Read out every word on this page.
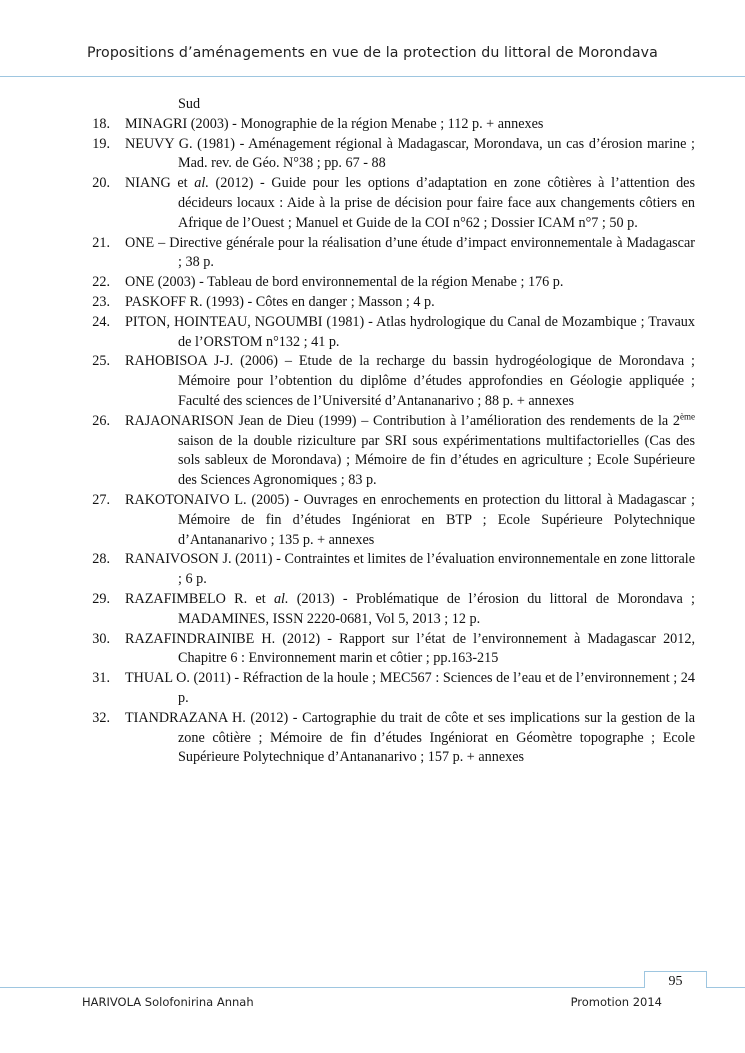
Propositions d’aménagements en vue de la protection du littoral de Morondava

Sud

18. MINAGRI (2003) - Monographie de la région Menabe ; 112 p. + annexes

19. NEUVY G. (1981) - Aménagement régional à Madagascar, Morondava, un cas d’érosion marine ; Mad. rev. de Géo. N°38 ; pp. 67 - 88

20. NIANG et al. (2012) - Guide pour les options d’adaptation en zone côtières à l’attention des décideurs locaux : Aide à la prise de décision pour faire face aux changements côtiers en Afrique de l’Ouest ; Manuel et Guide de la COI n°62 ; Dossier ICAM n°7 ; 50 p.

21. ONE – Directive générale pour la réalisation d’une étude d’impact environnementale à Madagascar ; 38 p.

22. ONE (2003) - Tableau de bord environnemental de la région Menabe ; 176 p.

23. PASKOFF R. (1993) - Côtes en danger ; Masson ; 4 p.

24. PITON, HOINTEAU, NGOUMBI (1981) - Atlas hydrologique du Canal de Mozambique ; Travaux de l’ORSTOM n°132 ; 41 p.

25. RAHOBISOA J-J. (2006) – Etude de la recharge du bassin hydrogéologique de Morondava ; Mémoire pour l’obtention du diplôme d’études approfondies en Géologie appliquée ; Faculté des sciences de l’Université d’Antananarivo ; 88 p. + annexes

26. RAJAONARISON Jean de Dieu (1999) – Contribution à l’amélioration des rendements de la 2ème saison de la double riziculture par SRI sous expérimentations multifactorielles (Cas des sols sableux de Morondava) ; Mémoire de fin d’études en agriculture ; Ecole Supérieure des Sciences Agronomiques ; 83 p.

27. RAKOTONAIVO L. (2005) - Ouvrages en enrochements en protection du littoral à Madagascar ; Mémoire de fin d’études Ingéniorat en BTP ; Ecole Supérieure Polytechnique d’Antananarivo ; 135 p. + annexes

28. RANAIVOSON J. (2011) - Contraintes et limites de l’évaluation environnementale en zone littorale ; 6 p.

29. RAZAFIMBELO R. et al. (2013) - Problématique de l’érosion du littoral de Morondava ; MADAMINES, ISSN 2220-0681, Vol 5, 2013 ; 12 p.

30. RAZAFINDRAINIBE H. (2012) - Rapport sur l’état de l’environnement à Madagascar 2012, Chapitre 6 : Environnement marin et côtier ; pp.163-215

31. THUAL O. (2011) - Réfraction de la houle ; MEC567 : Sciences de l’eau et de l’environnement ; 24 p.

32. TIANDRAZANA H. (2012) - Cartographie du trait de côte et ses implications sur la gestion de la zone côtière ; Mémoire de fin d’études Ingéniorat en Géomètre topographe ; Ecole Supérieure Polytechnique d’Antananarivo ; 157 p. + annexes

95
HARIVOLA Solofonirina Annah	Promotion 2014
